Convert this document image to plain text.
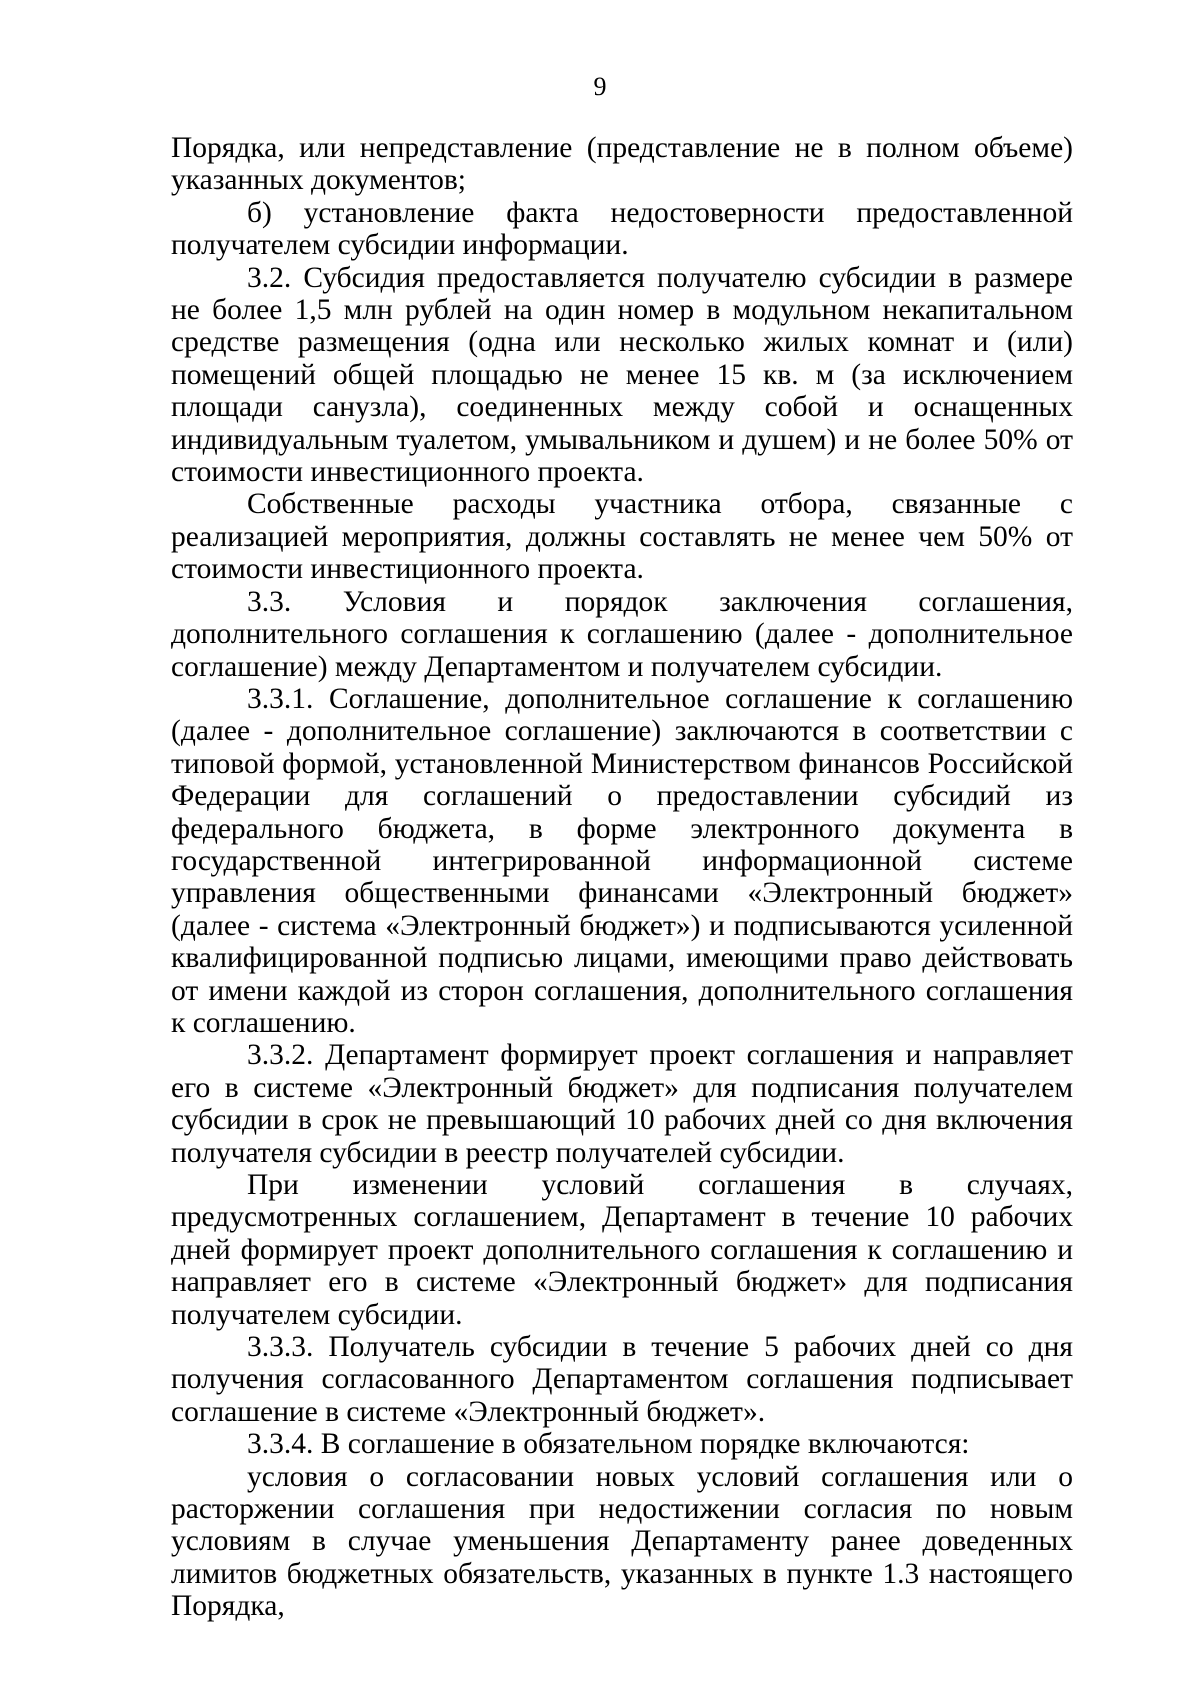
9

Порядка, или непредставление (представление не в полном объеме) указанных документов;

б) установление факта недостоверности предоставленной получателем субсидии информации.

3.2. Субсидия предоставляется получателю субсидии в размере не более 1,5 млн рублей на один номер в модульном некапитальном средстве размещения (одна или несколько жилых комнат и (или) помещений общей площадью не менее 15 кв. м (за исключением площади санузла), соединенных между собой и оснащенных индивидуальным туалетом, умывальником и душем) и не более 50% от стоимости инвестиционного проекта.

Собственные расходы участника отбора, связанные с реализацией мероприятия, должны составлять не менее чем 50% от стоимости инвестиционного проекта.

3.3. Условия и порядок заключения соглашения, дополнительного соглашения к соглашению (далее - дополнительное соглашение) между Департаментом и получателем субсидии.

3.3.1. Соглашение, дополнительное соглашение к соглашению (далее - дополнительное соглашение) заключаются в соответствии с типовой формой, установленной Министерством финансов Российской Федерации для соглашений о предоставлении субсидий из федерального бюджета, в форме электронного документа в государственной интегрированной информационной системе управления общественными финансами «Электронный бюджет» (далее - система «Электронный бюджет») и подписываются усиленной квалифицированной подписью лицами, имеющими право действовать от имени каждой из сторон соглашения, дополнительного соглашения к соглашению.

3.3.2. Департамент формирует проект соглашения и направляет его в системе «Электронный бюджет» для подписания получателем субсидии в срок не превышающий 10 рабочих дней со дня включения получателя субсидии в реестр получателей субсидии.

При изменении условий соглашения в случаях, предусмотренных соглашением, Департамент в течение 10 рабочих дней формирует проект дополнительного соглашения к соглашению и направляет его в системе «Электронный бюджет» для подписания получателем субсидии.

3.3.3. Получатель субсидии в течение 5 рабочих дней со дня получения согласованного Департаментом соглашения подписывает соглашение в системе «Электронный бюджет».

3.3.4. В соглашение в обязательном порядке включаются:

условия о согласовании новых условий соглашения или о расторжении соглашения при недостижении согласия по новым условиям в случае уменьшения Департаменту ранее доведенных лимитов бюджетных обязательств, указанных в пункте 1.3 настоящего Порядка,
